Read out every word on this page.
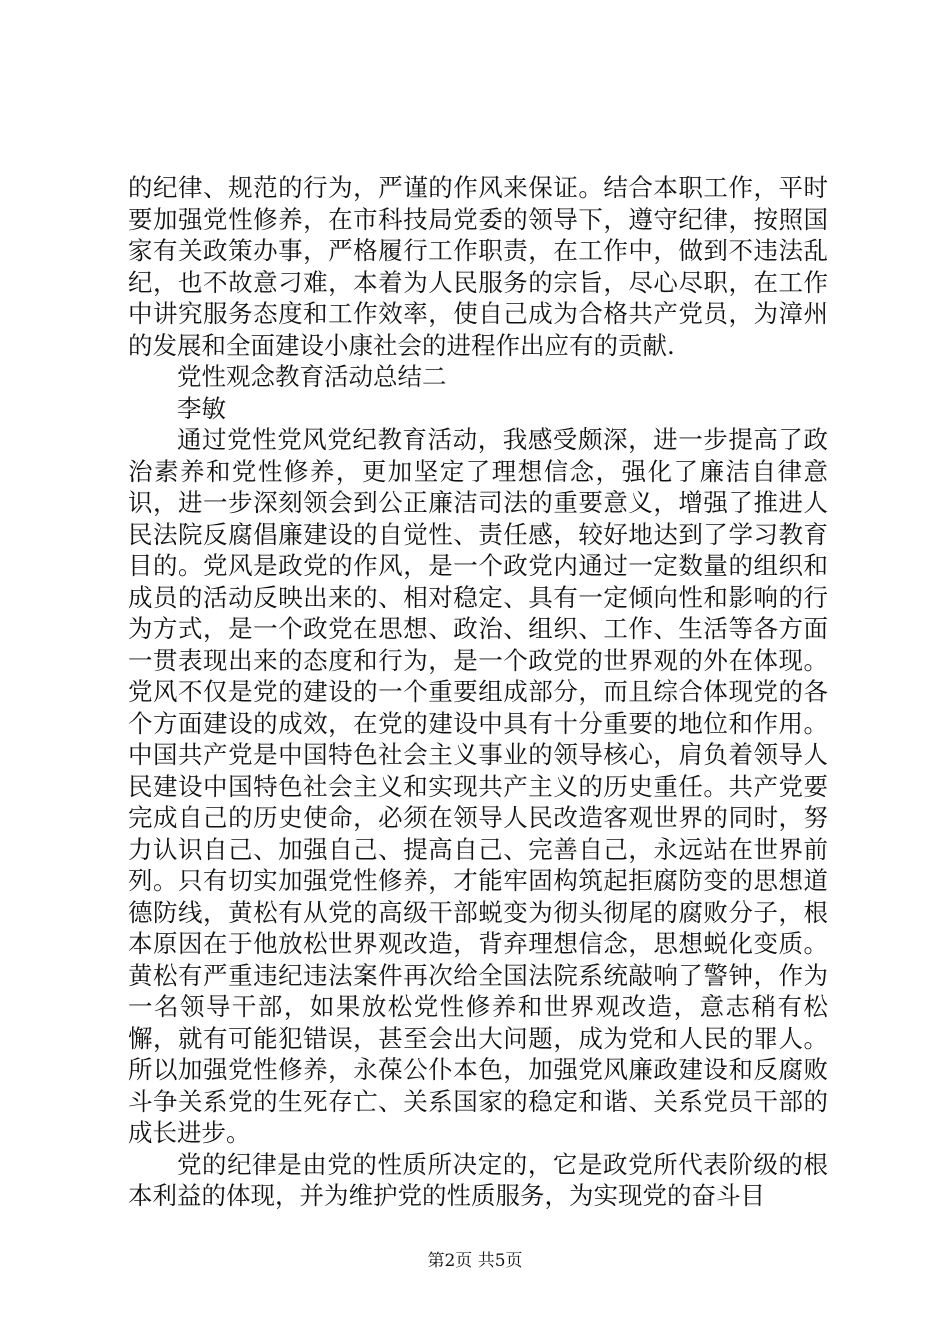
的纪律、规范的行为，严谨的作风来保证。结合本职工作，平时要加强党性修养，在市科技局党委的领导下，遵守纪律，按照国家有关政策办事，严格履行工作职责，在工作中，做到不违法乱纪，也不故意刁难，本着为人民服务的宗旨，尽心尽职，在工作中讲究服务态度和工作效率，使自己成为合格共产党员，为漳州的发展和全面建设小康社会的进程作出应有的贡献.

党性观念教育活动总结二

李敏

通过党性党风党纪教育活动，我感受颇深，进一步提高了政治素养和党性修养，更加坚定了理想信念，强化了廉洁自律意识，进一步深刻领会到公正廉洁司法的重要意义，增强了推进人民法院反腐倡廉建设的自觉性、责任感，较好地达到了学习教育目的。党风是政党的作风，是一个政党内通过一定数量的组织和成员的活动反映出来的、相对稳定、具有一定倾向性和影响的行为方式，是一个政党在思想、政治、组织、工作、生活等各方面一贯表现出来的态度和行为，是一个政党的世界观的外在体现。党风不仅是党的建设的一个重要组成部分，而且综合体现党的各个方面建设的成效，在党的建设中具有十分重要的地位和作用。中国共产党是中国特色社会主义事业的领导核心，肩负着领导人民建设中国特色社会主义和实现共产主义的历史重任。共产党要完成自己的历史使命，必须在领导人民改造客观世界的同时，努力认识自己、加强自己、提高自己、完善自己，永远站在世界前列。只有切实加强党性修养，才能牢固构筑起拒腐防变的思想道德防线，黄松有从党的高级干部蜕变为彻头彻尾的腐败分子，根本原因在于他放松世界观改造，背弃理想信念，思想蜕化变质。黄松有严重违纪违法案件再次给全国法院系统敲响了警钟，作为一名领导干部，如果放松党性修养和世界观改造，意志稍有松懈，就有可能犯错误，甚至会出大问题，成为党和人民的罪人。所以加强党性修养，永葆公仆本色，加强党风廉政建设和反腐败斗争关系党的生死存亡、关系国家的稳定和谐、关系党员干部的成长进步。

党的纪律是由党的性质所决定的，它是政党所代表阶级的根本利益的体现，并为维护党的性质服务，为实现党的奋斗目

第2页 共5页
